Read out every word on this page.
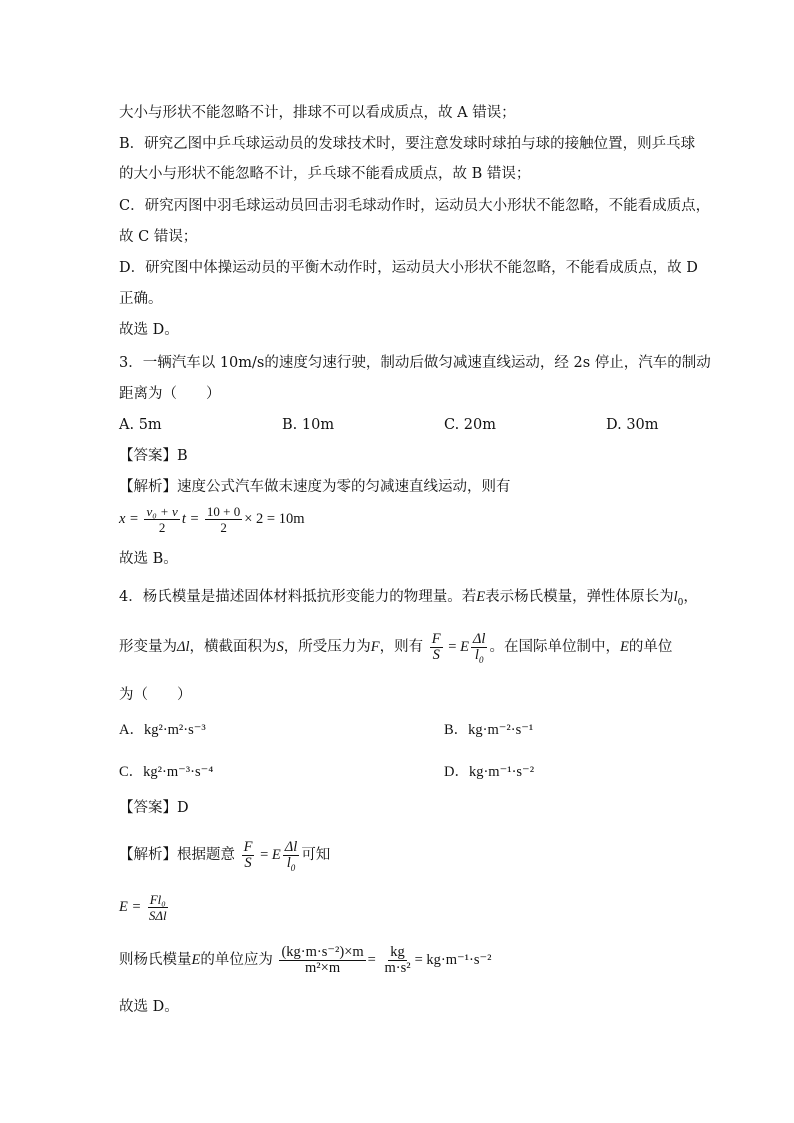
大小与形状不能忽略不计，排球不可以看成质点，故 A 错误；
B．研究乙图中乒乓球运动员的发球技术时，要注意发球时球拍与球的接触位置，则乒乓球
的大小与形状不能忽略不计，乒乓球不能看成质点，故 B 错误；
C．研究丙图中羽毛球运动员回击羽毛球动作时，运动员大小形状不能忽略，不能看成质点，
故 C 错误；
D．研究图中体操运动员的平衡木动作时，运动员大小形状不能忽略，不能看成质点，故 D
正确。
故选 D。
3．一辆汽车以 10m/s的速度匀速行驶，制动后做匀减速直线运动，经 2s 停止，汽车的制动
距离为（　　）
A. 5m	B. 10m	C. 20m	D. 30m
【答案】B
【解析】速度公式汽车做末速度为零的匀减速直线运动，则有
$x = \frac{\text{v₀ + v}}{2}$ $t = \frac{10 + 0}{2} \times 2 = 10m$
故选 B。
4．杨氏模量是描述固体材料抵抗形变能力的物理量。若E表示杨氏模量，弹性体原长为$l_0$，
形变量为Δl，横截面积为S，所受压力为F，则有 $\frac{F}{S} = E \frac{\Delta l}{l_0}$ 。在国际单位制中，E的单位
为（　　）
A．kg²·m²·s⁻³	B．kg·m⁻²·s⁻¹
C．kg²·m⁻³·s⁻⁴	D．kg·m⁻¹·s⁻²
【答案】D
【解析】根据题意 $\frac{F}{S} = E \frac{\Delta l}{l_0}$ 可知
$E = \frac{\text{Fl₀}}{\text{SΔl}}$
则杨氏模量E的单位应为 $\frac{\text{(kg·m·s⁻²)×m}}{\text{m²×m}} = \frac{kg}{\text{m·s²}} = kg\cdot m^{-1}\cdot s^{-2}$
故选 D。
